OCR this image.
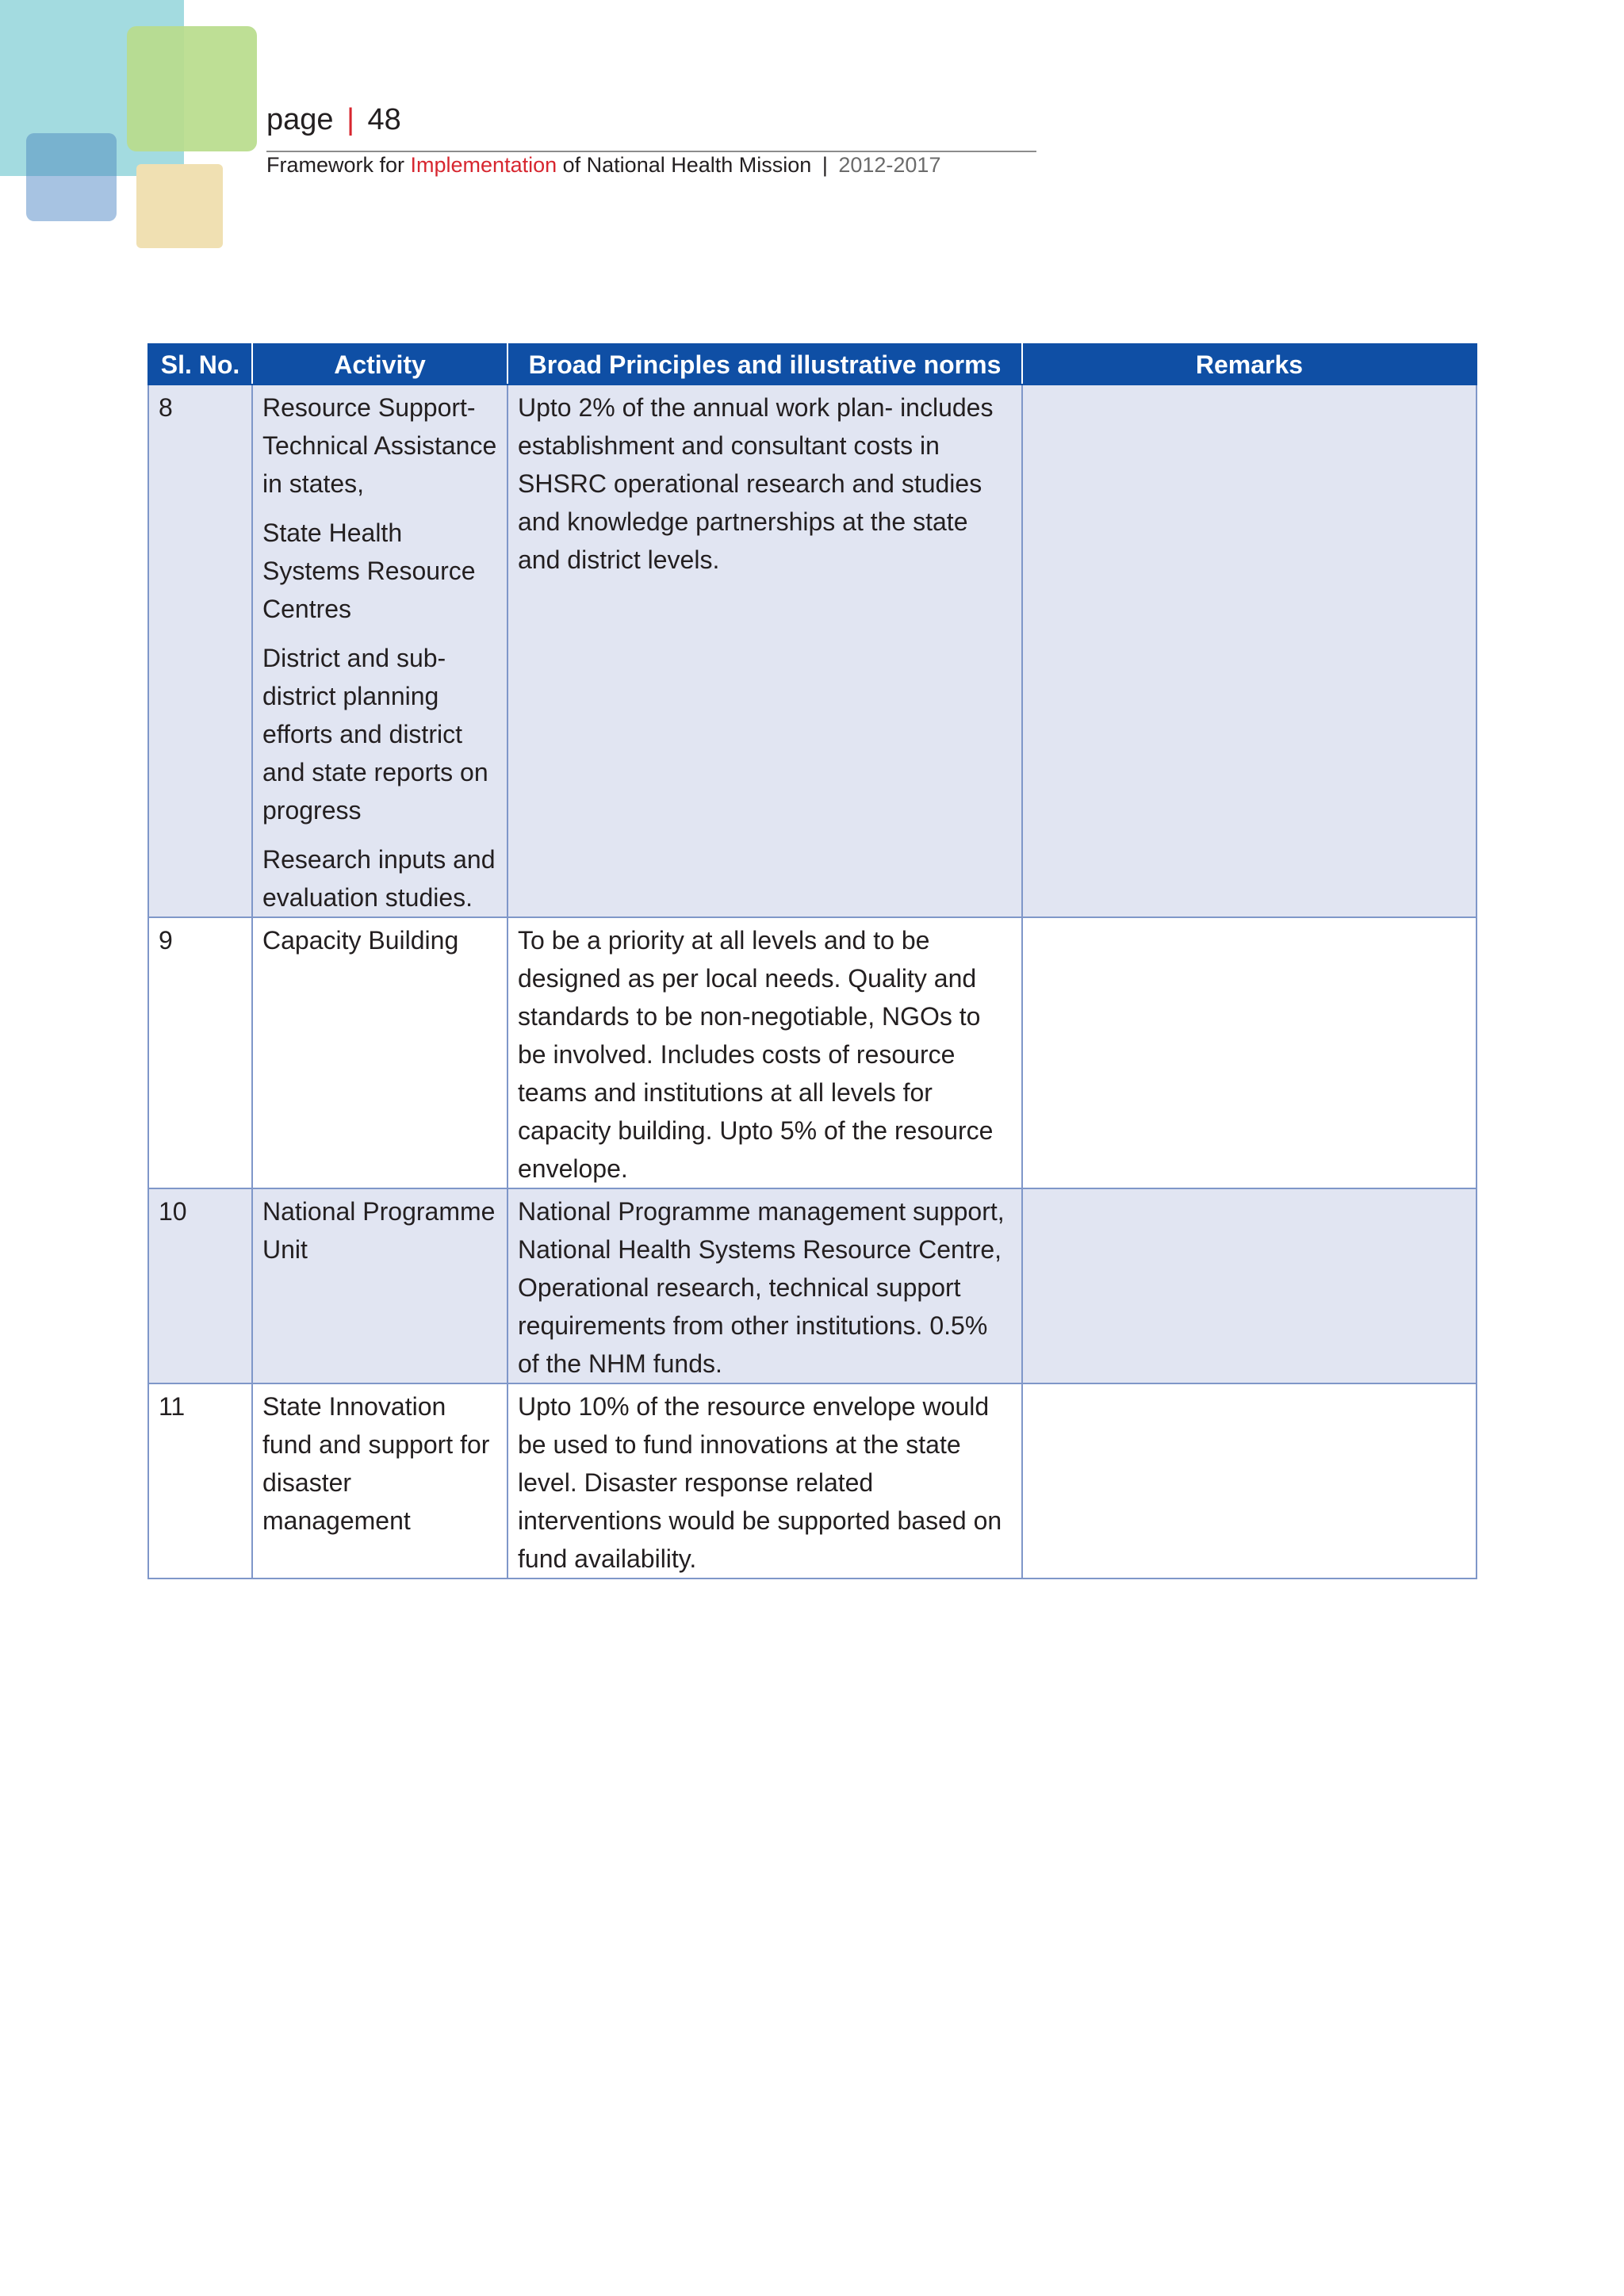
page | 48
Framework for Implementation of National Health Mission | 2012-2017
Sl. No.	Activity	Broad Principles and illustrative norms	Remarks
8	Resource Support-Technical Assistance in states,
State Health Systems Resource Centres
District and sub-district planning efforts and district and state reports on progress
Research inputs and evaluation studies.	Upto 2% of the annual work plan- includes establishment and consultant costs in SHSRC operational research and studies and knowledge partnerships at the state and district levels.	
9	Capacity Building	To be a priority at all levels and to be designed as per local needs. Quality and standards to be non-negotiable, NGOs to be involved. Includes costs of resource teams and institutions at all levels for capacity building. Upto 5% of the resource envelope.	
10	National Programme Unit	National Programme management support, National Health Systems Resource Centre, Operational research, technical support requirements from other institutions. 0.5% of the NHM funds.	
11	State Innovation fund and support for disaster management	Upto 10% of the resource envelope would be used to fund innovations at the state level. Disaster response related interventions would be supported based on fund availability.	
